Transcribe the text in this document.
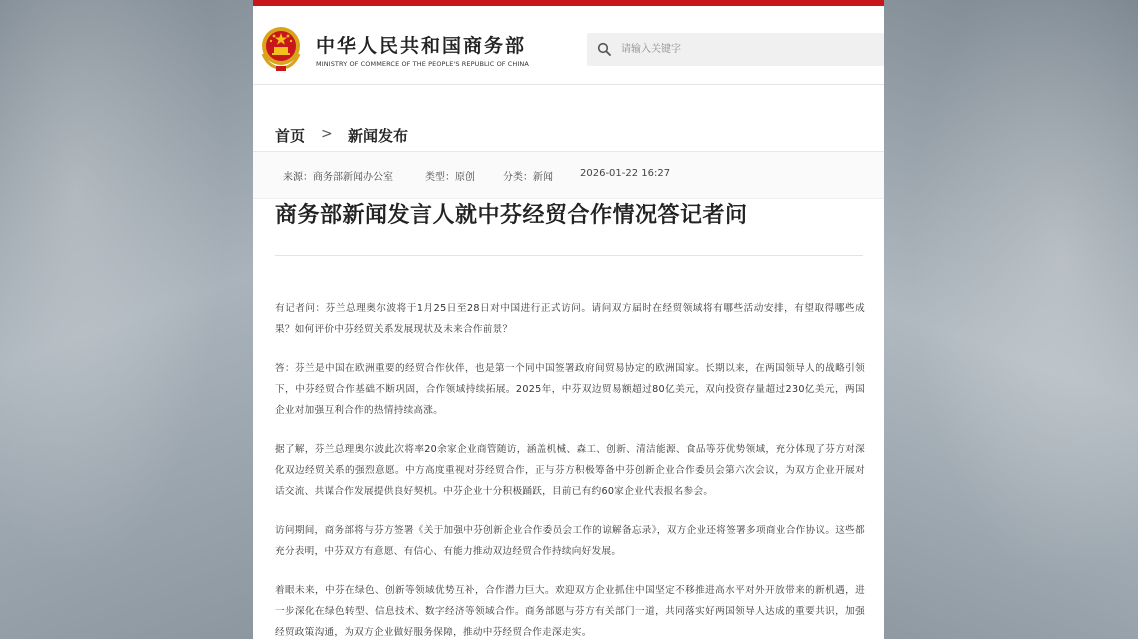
中华人民共和国商务部
MINISTRY OF COMMERCE OF THE PEOPLE'S REPUBLIC OF CHINA
请输入关键字
首页 > 新闻发布
来源：商务部新闻办公室	类型：原创	分类：新闻	2026-01-22 16:27
商务部新闻发言人就中芬经贸合作情况答记者问

有记者问：芬兰总理奥尔波将于1月25日至28日对中国进行正式访问。请问双方届时在经贸领域将有哪些活动安排，有望取得哪些成果？如何评价中芬经贸关系发展现状及未来合作前景？

答：芬兰是中国在欧洲重要的经贸合作伙伴，也是第一个同中国签署政府间贸易协定的欧洲国家。长期以来，在两国领导人的战略引领下，中芬经贸合作基础不断巩固，合作领域持续拓展。2025年，中芬双边贸易额超过80亿美元，双向投资存量超过230亿美元，两国企业对加强互利合作的热情持续高涨。

据了解，芬兰总理奥尔波此次将率20余家企业商管随访，涵盖机械、森工、创新、清洁能源、食品等芬优势领域，充分体现了芬方对深化双边经贸关系的强烈意愿。中方高度重视对芬经贸合作，正与芬方积极筹备中芬创新企业合作委员会第六次会议，为双方企业开展对话交流、共谋合作发展提供良好契机。中芬企业十分积极踊跃，目前已有约60家企业代表报名参会。

访问期间，商务部将与芬方签署《关于加强中芬创新企业合作委员会工作的谅解备忘录》，双方企业还将签署多项商业合作协议。这些都充分表明，中芬双方有意愿、有信心、有能力推动双边经贸合作持续向好发展。

着眼未来，中芬在绿色、创新等领域优势互补，合作潜力巨大。欢迎双方企业抓住中国坚定不移推进高水平对外开放带来的新机遇，进一步深化在绿色转型、信息技术、数字经济等领域合作。商务部愿与芬方有关部门一道，共同落实好两国领导人达成的重要共识，加强经贸政策沟通，为双方企业做好服务保障，推动中芬经贸合作走深走实。
